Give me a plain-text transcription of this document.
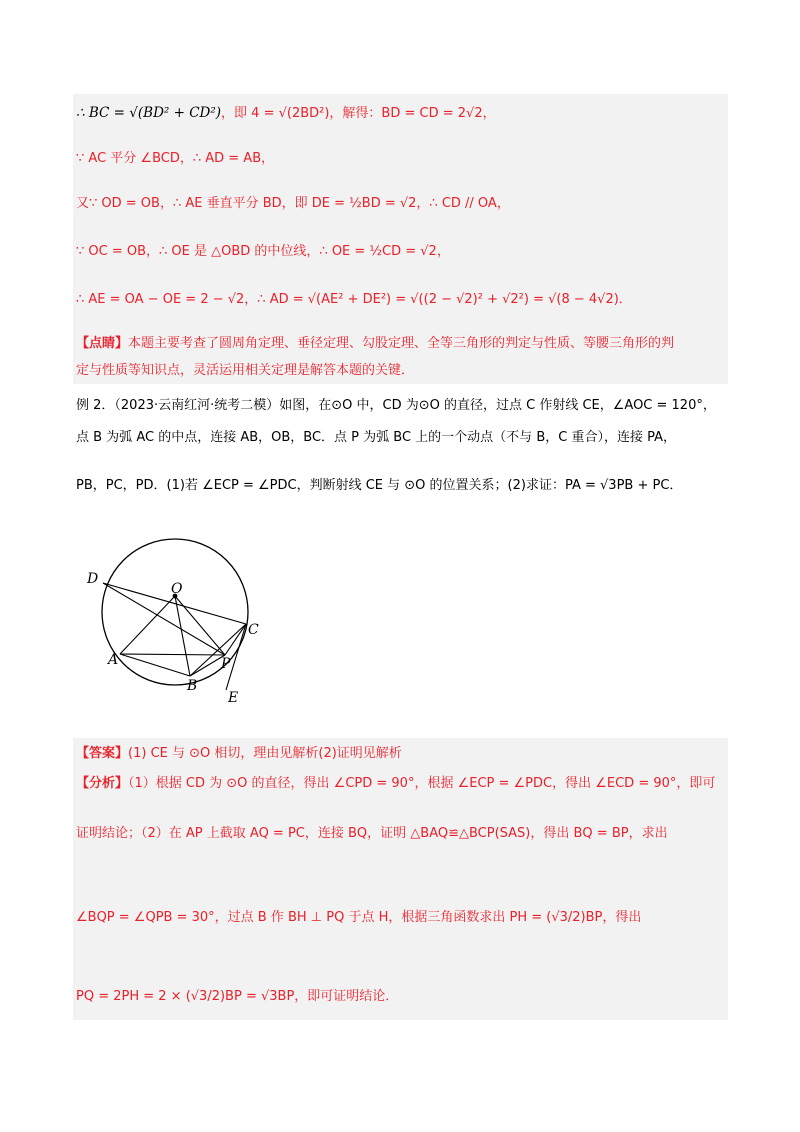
∴ BC = √(BD² + CD²)，即 4 = √(2BD²)，解得：BD = CD = 2√2，
∵ AC 平分 ∠BCD，∴ AD = AB，
又∵ OD = OB，∴ AE 垂直平分 BD，即 DE = ½BD = √2，∴ CD // OA，
∵ OC = OB，∴ OE 是 △OBD 的中位线，∴ OE = ½CD = √2，
∴ AE = OA − OE = 2 − √2，∴ AD = √(AE² + DE²) = √((2 − √2)² + √2²) = √(8 − 4√2)．
【点睛】本题主要考查了圆周角定理、垂径定理、勾股定理、全等三角形的判定与性质、等腰三角形的判
定与性质等知识点，灵活运用相关定理是解答本题的关键．
例 2．（2023·云南红河·统考二模）如图，在⊙O 中，CD 为⊙O 的直径，过点 C 作射线 CE，∠AOC = 120°，
点 B 为弧 AC 的中点，连接 AB，OB，BC．点 P 为弧 BC 上的一个动点（不与 B，C 重合），连接 PA，
PB，PC，PD．(1)若 ∠ECP = ∠PDC，判断射线 CE 与 ⊙O 的位置关系；(2)求证：PA = √3PB + PC．
D
O
C
A	P
B
E
【答案】(1) CE 与 ⊙O 相切，理由见解析(2)证明见解析
【分析】（1）根据 CD 为 ⊙O 的直径，得出 ∠CPD = 90°，根据 ∠ECP = ∠PDC，得出 ∠ECD = 90°，即可
证明结论；（2）在 AP 上截取 AQ = PC，连接 BQ，证明 △BAQ≌△BCP(SAS)，得出 BQ = BP，求出
∠BQP = ∠QPB = 30°，过点 B 作 BH ⊥ PQ 于点 H，根据三角函数求出 PH = (√3/2)BP，得出
PQ = 2PH = 2 × (√3/2)BP = √3BP，即可证明结论．
